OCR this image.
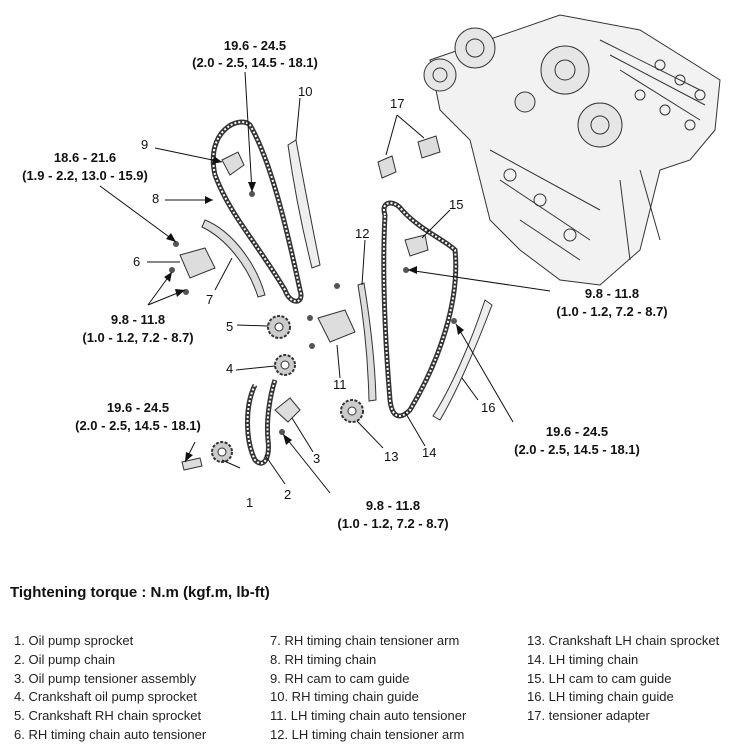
19.6 - 24.5
(2.0 - 2.5, 14.5 - 18.1)
18.6 - 21.6
(1.9 - 2.2, 13.0 - 15.9)
9.8 - 11.8
(1.0 - 1.2, 7.2 - 8.7)
19.6 - 24.5
(2.0 - 2.5, 14.5 - 18.1)
9.8 - 11.8
(1.0 - 1.2, 7.2 - 8.7)
9.8 - 11.8
(1.0 - 1.2, 7.2 - 8.7)
19.6 - 24.5
(2.0 - 2.5, 14.5 - 18.1)
1
2
3
4
5
6
7
8
9
10
11
12
13 14
15
16
17
Tightening torque : N.m (kgf.m, lb-ft)
1. Oil pump sprocket
2. Oil pump chain
3. Oil pump tensioner assembly
4. Crankshaft oil pump sprocket
5. Crankshaft RH chain sprocket
6. RH timing chain auto tensioner
7. RH timing chain tensioner arm
8. RH timing chain
9. RH cam to cam guide
10. RH timing chain guide
11. LH timing chain auto tensioner
12. LH timing chain tensioner arm
13. Crankshaft LH chain sprocket
14. LH timing chain
15. LH cam to cam guide
16. LH timing chain guide
17. tensioner adapter
